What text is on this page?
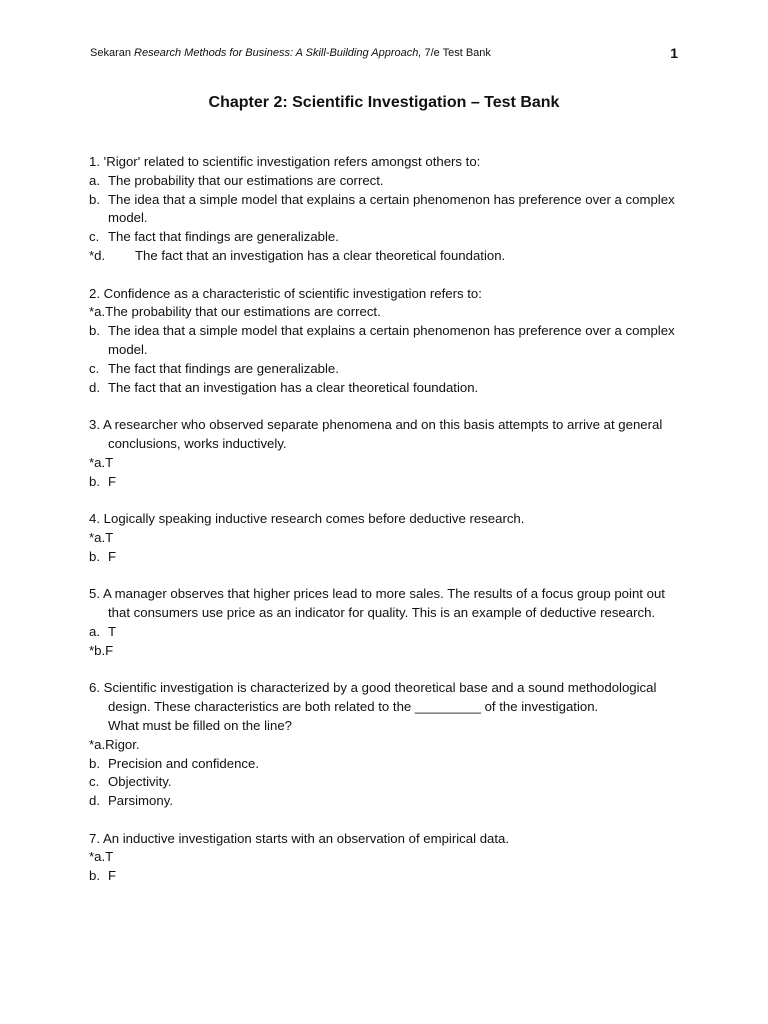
Sekaran Research Methods for Business: A Skill-Building Approach, 7/e Test Bank	1
Chapter 2: Scientific Investigation – Test Bank
1. 'Rigor' related to scientific investigation refers amongst others to:
a. The probability that our estimations are correct.
b. The idea that a simple model that explains a certain phenomenon has preference over a complex model.
c. The fact that findings are generalizable.
*d. The fact that an investigation has a clear theoretical foundation.
2. Confidence as a characteristic of scientific investigation refers to:
*a.The probability that our estimations are correct.
b. The idea that a simple model that explains a certain phenomenon has preference over a complex model.
c. The fact that findings are generalizable.
d. The fact that an investigation has a clear theoretical foundation.
3. A researcher who observed separate phenomena and on this basis attempts to arrive at general conclusions, works inductively.
*a.T
b. F
4. Logically speaking inductive research comes before deductive research.
*a.T
b. F
5. A manager observes that higher prices lead to more sales. The results of a focus group point out that consumers use price as an indicator for quality. This is an example of deductive research.
a. T
*b.F
6. Scientific investigation is characterized by a good theoretical base and a sound methodological design. These characteristics are both related to the _________ of the investigation.
What must be filled on the line?
*a.Rigor.
b. Precision and confidence.
c. Objectivity.
d. Parsimony.
7. An inductive investigation starts with an observation of empirical data.
*a.T
b. F
